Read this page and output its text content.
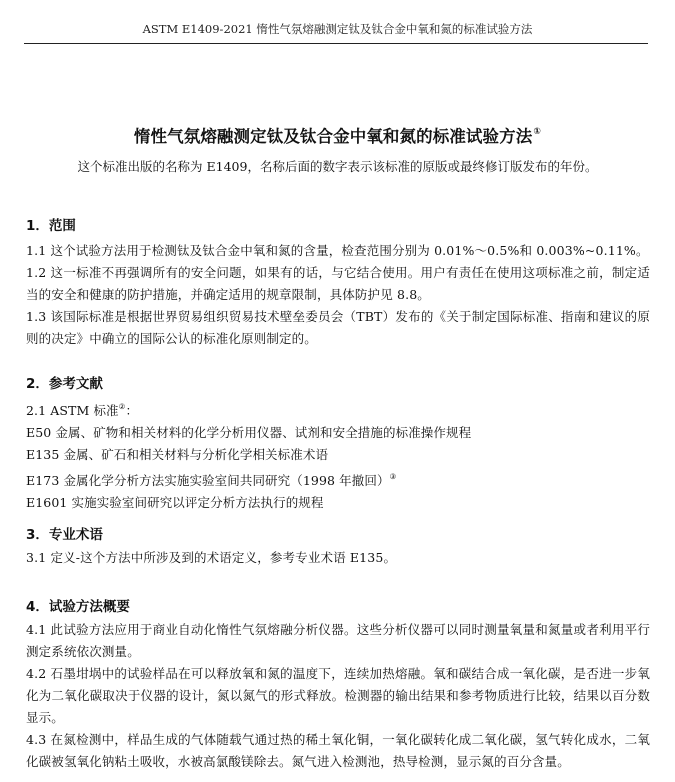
ASTM E1409-2021 惰性气氛熔融测定钛及钛合金中氧和氮的标准试验方法
惰性气氛熔融测定钛及钛合金中氧和氮的标准试验方法①
这个标准出版的名称为 E1409，名称后面的数字表示该标准的原版或最终修订版发布的年份。

1．范围

1.1 这个试验方法用于检测钛及钛合金中氧和氮的含量，检查范围分别为 0.01%～0.5%和 0.003%~0.11%。

1.2 这一标准不再强调所有的安全问题，如果有的话，与它结合使用。用户有责任在使用这项标准之前，制定适当的安全和健康的防护措施，并确定适用的规章限制，具体防护见 8.8。

1.3 该国际标准是根据世界贸易组织贸易技术壁垒委员会（TBT）发布的《关于制定国际标准、指南和建议的原则的决定》中确立的国际公认的标准化原则制定的。

2．参考文献

2.1 ASTM 标准②：

E50 金属、矿物和相关材料的化学分析用仪器、试剂和安全措施的标准操作规程

E135 金属、矿石和相关材料与分析化学相关标准术语

E173 金属化学分析方法实施实验室间共同研究（1998 年撤回）③

E1601 实施实验室间研究以评定分析方法执行的规程

3．专业术语

3.1 定义-这个方法中所涉及到的术语定义，参考专业术语 E135。

4．试验方法概要

4.1 此试验方法应用于商业自动化惰性气氛熔融分析仪器。这些分析仪器可以同时测量氧量和氮量或者利用平行测定系统依次测量。

4.2 石墨坩埚中的试验样品在可以释放氧和氮的温度下，连续加热熔融。氧和碳结合成一氧化碳，是否进一步氧化为二氧化碳取决于仪器的设计，氮以氮气的形式释放。检测器的输出结果和参考物质进行比较，结果以百分数显示。

4.3 在氮检测中，样品生成的气体随载气通过热的稀土氧化铜，一氧化碳转化成二氧化碳，氢气转化成水，二氧化碳被氢氧化钠粘土吸收，水被高氯酸镁除去。氮气进入检测池，热导检测，显示氮的百分含量。
